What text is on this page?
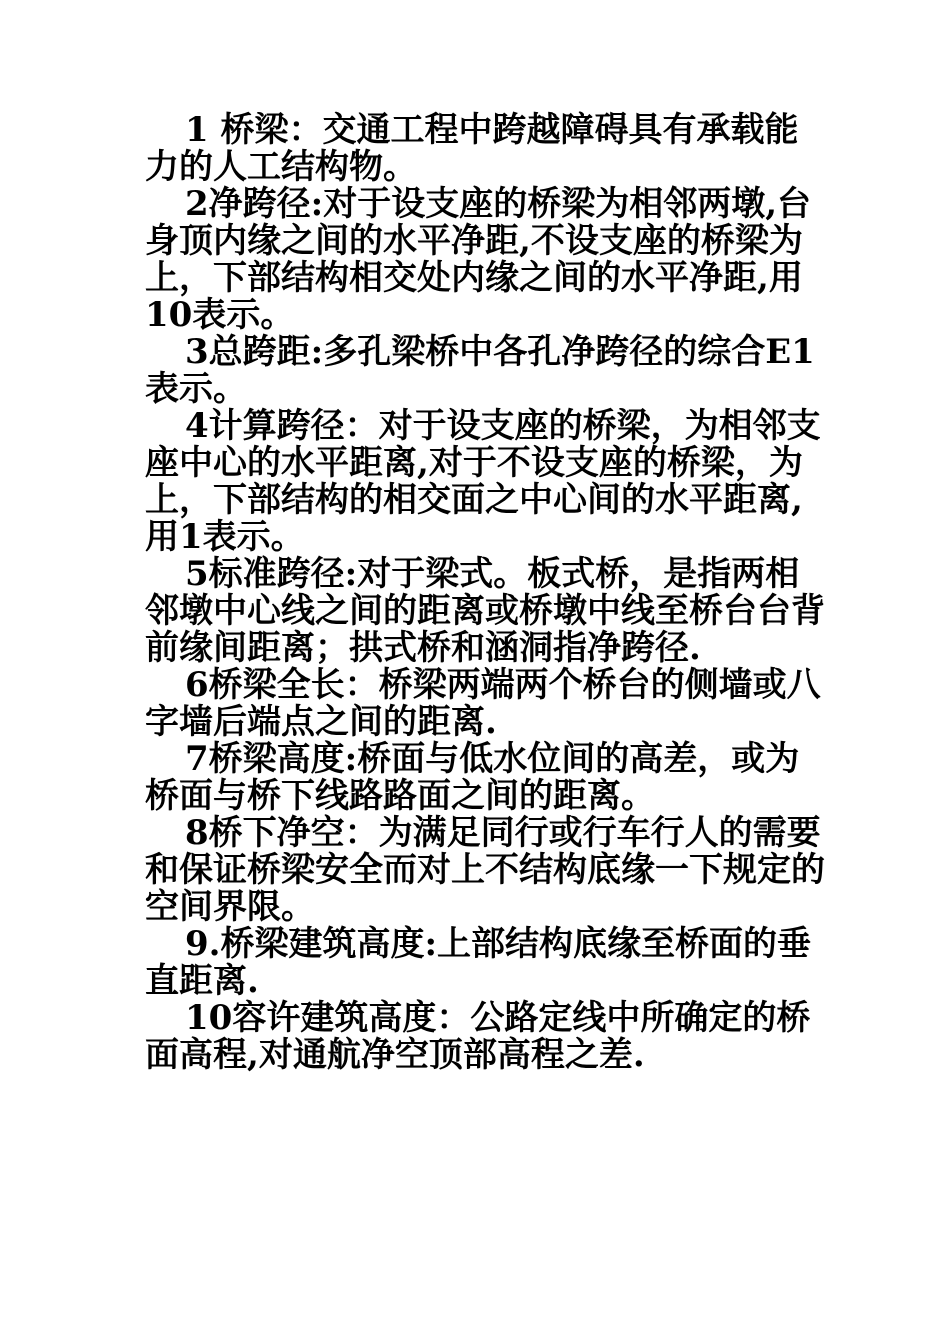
1 桥梁：交通工程中跨越障碍具有承载能力的人工结构物。

2净跨径:对于设支座的桥梁为相邻两墩,台身顶内缘之间的水平净距,不设支座的桥梁为上，下部结构相交处内缘之间的水平净距,用10表示。

3总跨距:多孔梁桥中各孔净跨径的综合E1表示。

4计算跨径：对于设支座的桥梁，为相邻支座中心的水平距离,对于不设支座的桥梁，为上，下部结构的相交面之中心间的水平距离,用1表示。

5标准跨径:对于梁式。板式桥，是指两相邻墩中心线之间的距离或桥墩中线至桥台台背前缘间距离；拱式桥和涵洞指净跨径.

6桥梁全长：桥梁两端两个桥台的侧墙或八字墙后端点之间的距离.

7桥梁高度:桥面与低水位间的高差，或为桥面与桥下线路路面之间的距离。

8桥下净空：为满足同行或行车行人的需要和保证桥梁安全而对上不结构底缘一下规定的空间界限。

9.桥梁建筑高度:上部结构底缘至桥面的垂直距离.

10容许建筑高度：公路定线中所确定的桥面高程,对通航净空顶部高程之差.
